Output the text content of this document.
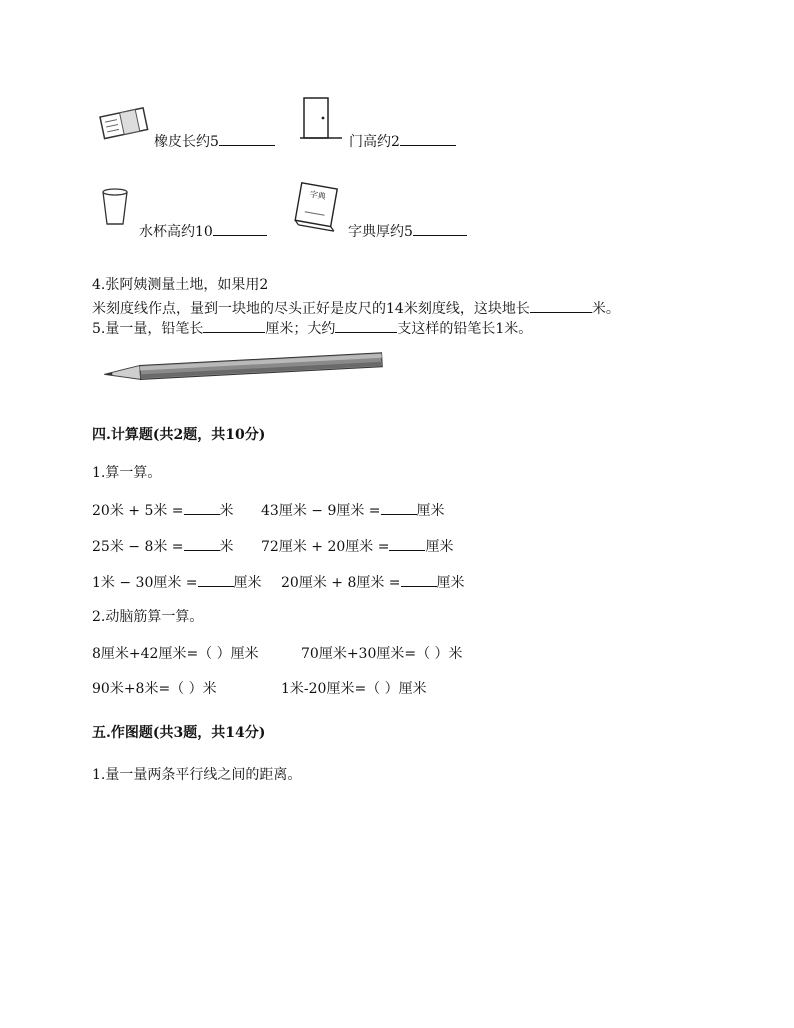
橡皮长约5	门高约2
水杯高约10
字典
字典厚约5
4.张阿姨测量土地，如果用2
米刻度线作点，量到一块地的尽头正好是皮尺的14米刻度线，这块地长	米。
5.量一量，铅笔长	厘米；大约	支这样的铅笔长1米。
四.计算题(共2题，共10分)
1.算一算。
20米 + 5米 =	米 43厘米 − 9厘米 =	厘米
25米 − 8米 =	米 72厘米 + 20厘米 =	厘米
1米 − 30厘米 =	厘米 20厘米 + 8厘米 =	厘米
2.动脑筋算一算。
8厘米+42厘米=（ ）厘米	70厘米+30厘米=（ ）米
90米+8米=（ ）米	1米-20厘米=（ ）厘米
五.作图题(共3题，共14分)
1.量一量两条平行线之间的距离。
